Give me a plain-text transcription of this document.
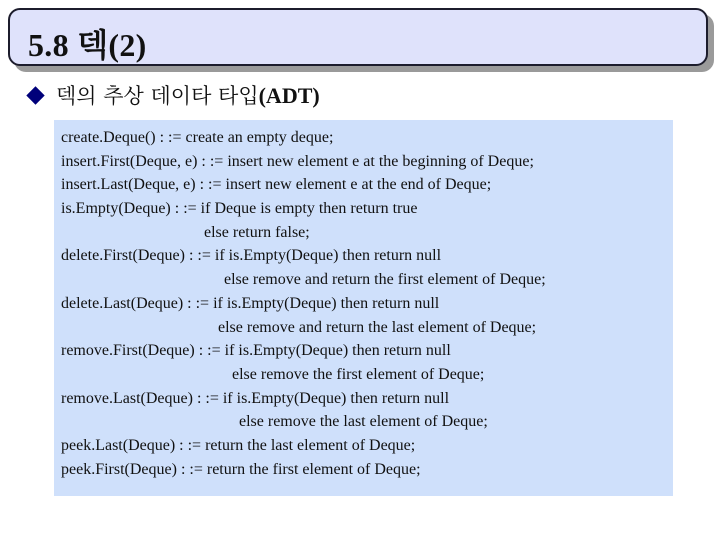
5.8 덱(2)
덱의 추상 데이타 타입(ADT)
create.Deque() : := create an empty deque;
insert.First(Deque, e) : := insert new element e at the beginning of Deque;
insert.Last(Deque, e) : := insert new element e at the end of Deque;
is.Empty(Deque) : := if Deque is empty then return true
else return false;
delete.First(Deque) : := if is.Empty(Deque) then return null
else remove and return the first element of Deque;
delete.Last(Deque) : := if is.Empty(Deque) then return null
else remove and return the last element of Deque;
remove.First(Deque) : := if is.Empty(Deque) then return null
else remove the first element of Deque;
remove.Last(Deque) : := if is.Empty(Deque) then return null
else remove the last element of Deque;
peek.Last(Deque) : := return the last element of Deque;
peek.First(Deque) : := return the first element of Deque;
